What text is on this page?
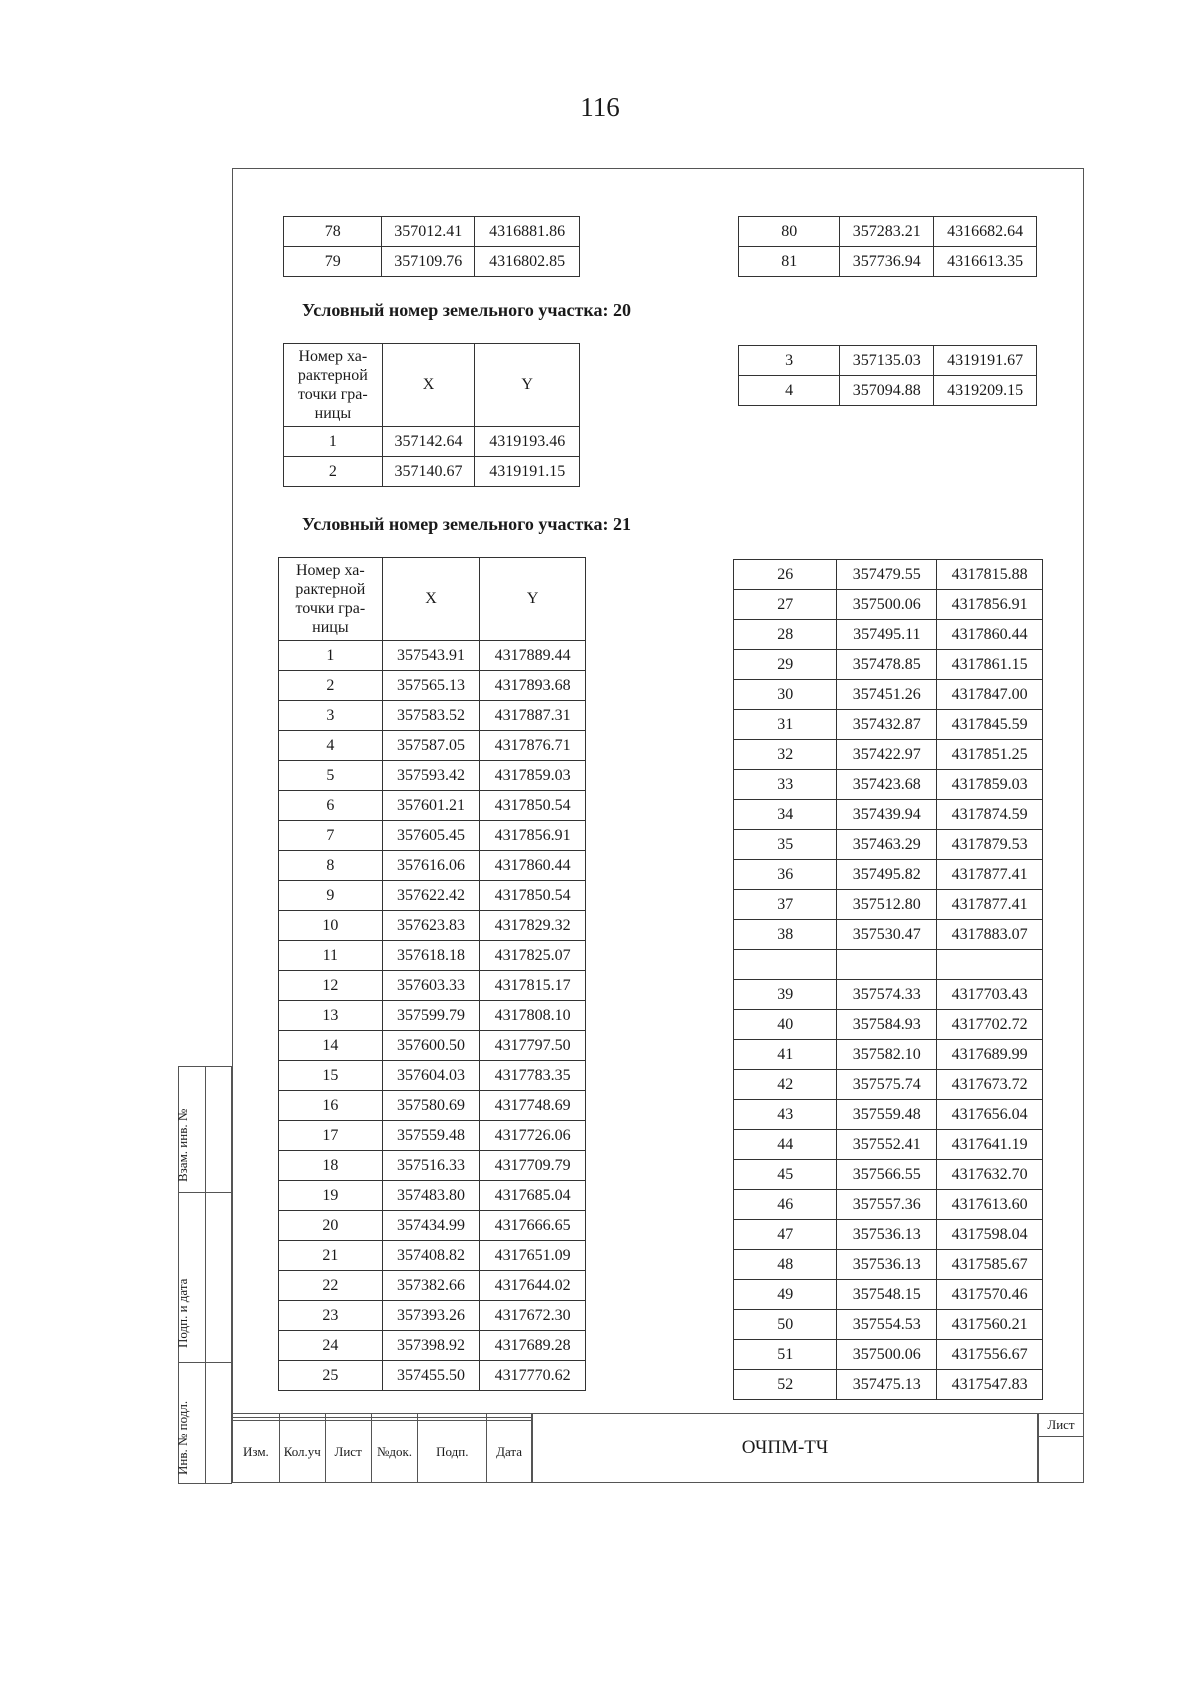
116
78	357012.41	4316881.86
79	357109.76	4316802.85
80	357283.21	4316682.64
81	357736.94	4316613.35
Условный номер земельного участка: 20
Номер ха-рактерной точки гра-ницы	X	Y
1	357142.64	4319193.46
2	357140.67	4319191.15
3	357135.03	4319191.67
4	357094.88	4319209.15
Условный номер земельного участка: 21
Номер ха-рактерной точки гра-ницы	X	Y
1	357543.91	4317889.44
2	357565.13	4317893.68
3	357583.52	4317887.31
4	357587.05	4317876.71
5	357593.42	4317859.03
6	357601.21	4317850.54
7	357605.45	4317856.91
8	357616.06	4317860.44
9	357622.42	4317850.54
10	357623.83	4317829.32
11	357618.18	4317825.07
12	357603.33	4317815.17
13	357599.79	4317808.10
14	357600.50	4317797.50
15	357604.03	4317783.35
16	357580.69	4317748.69
17	357559.48	4317726.06
18	357516.33	4317709.79
19	357483.80	4317685.04
20	357434.99	4317666.65
21	357408.82	4317651.09
22	357382.66	4317644.02
23	357393.26	4317672.30
24	357398.92	4317689.28
25	357455.50	4317770.62
26	357479.55	4317815.88
27	357500.06	4317856.91
28	357495.11	4317860.44
29	357478.85	4317861.15
30	357451.26	4317847.00
31	357432.87	4317845.59
32	357422.97	4317851.25
33	357423.68	4317859.03
34	357439.94	4317874.59
35	357463.29	4317879.53
36	357495.82	4317877.41
37	357512.80	4317877.41
38	357530.47	4317883.07

39	357574.33	4317703.43
40	357584.93	4317702.72
41	357582.10	4317689.99
42	357575.74	4317673.72
43	357559.48	4317656.04
44	357552.41	4317641.19
45	357566.55	4317632.70
46	357557.36	4317613.60
47	357536.13	4317598.04
48	357536.13	4317585.67
49	357548.15	4317570.46
50	357554.53	4317560.21
51	357500.06	4317556.67
52	357475.13	4317547.83
Взам. инв. №
Подп. и дата
Инв. № подл.

						Изм.	Кол.уч	Лист	№док.	Подп.	Дата	ОЧПМ-ТЧ
Лист
